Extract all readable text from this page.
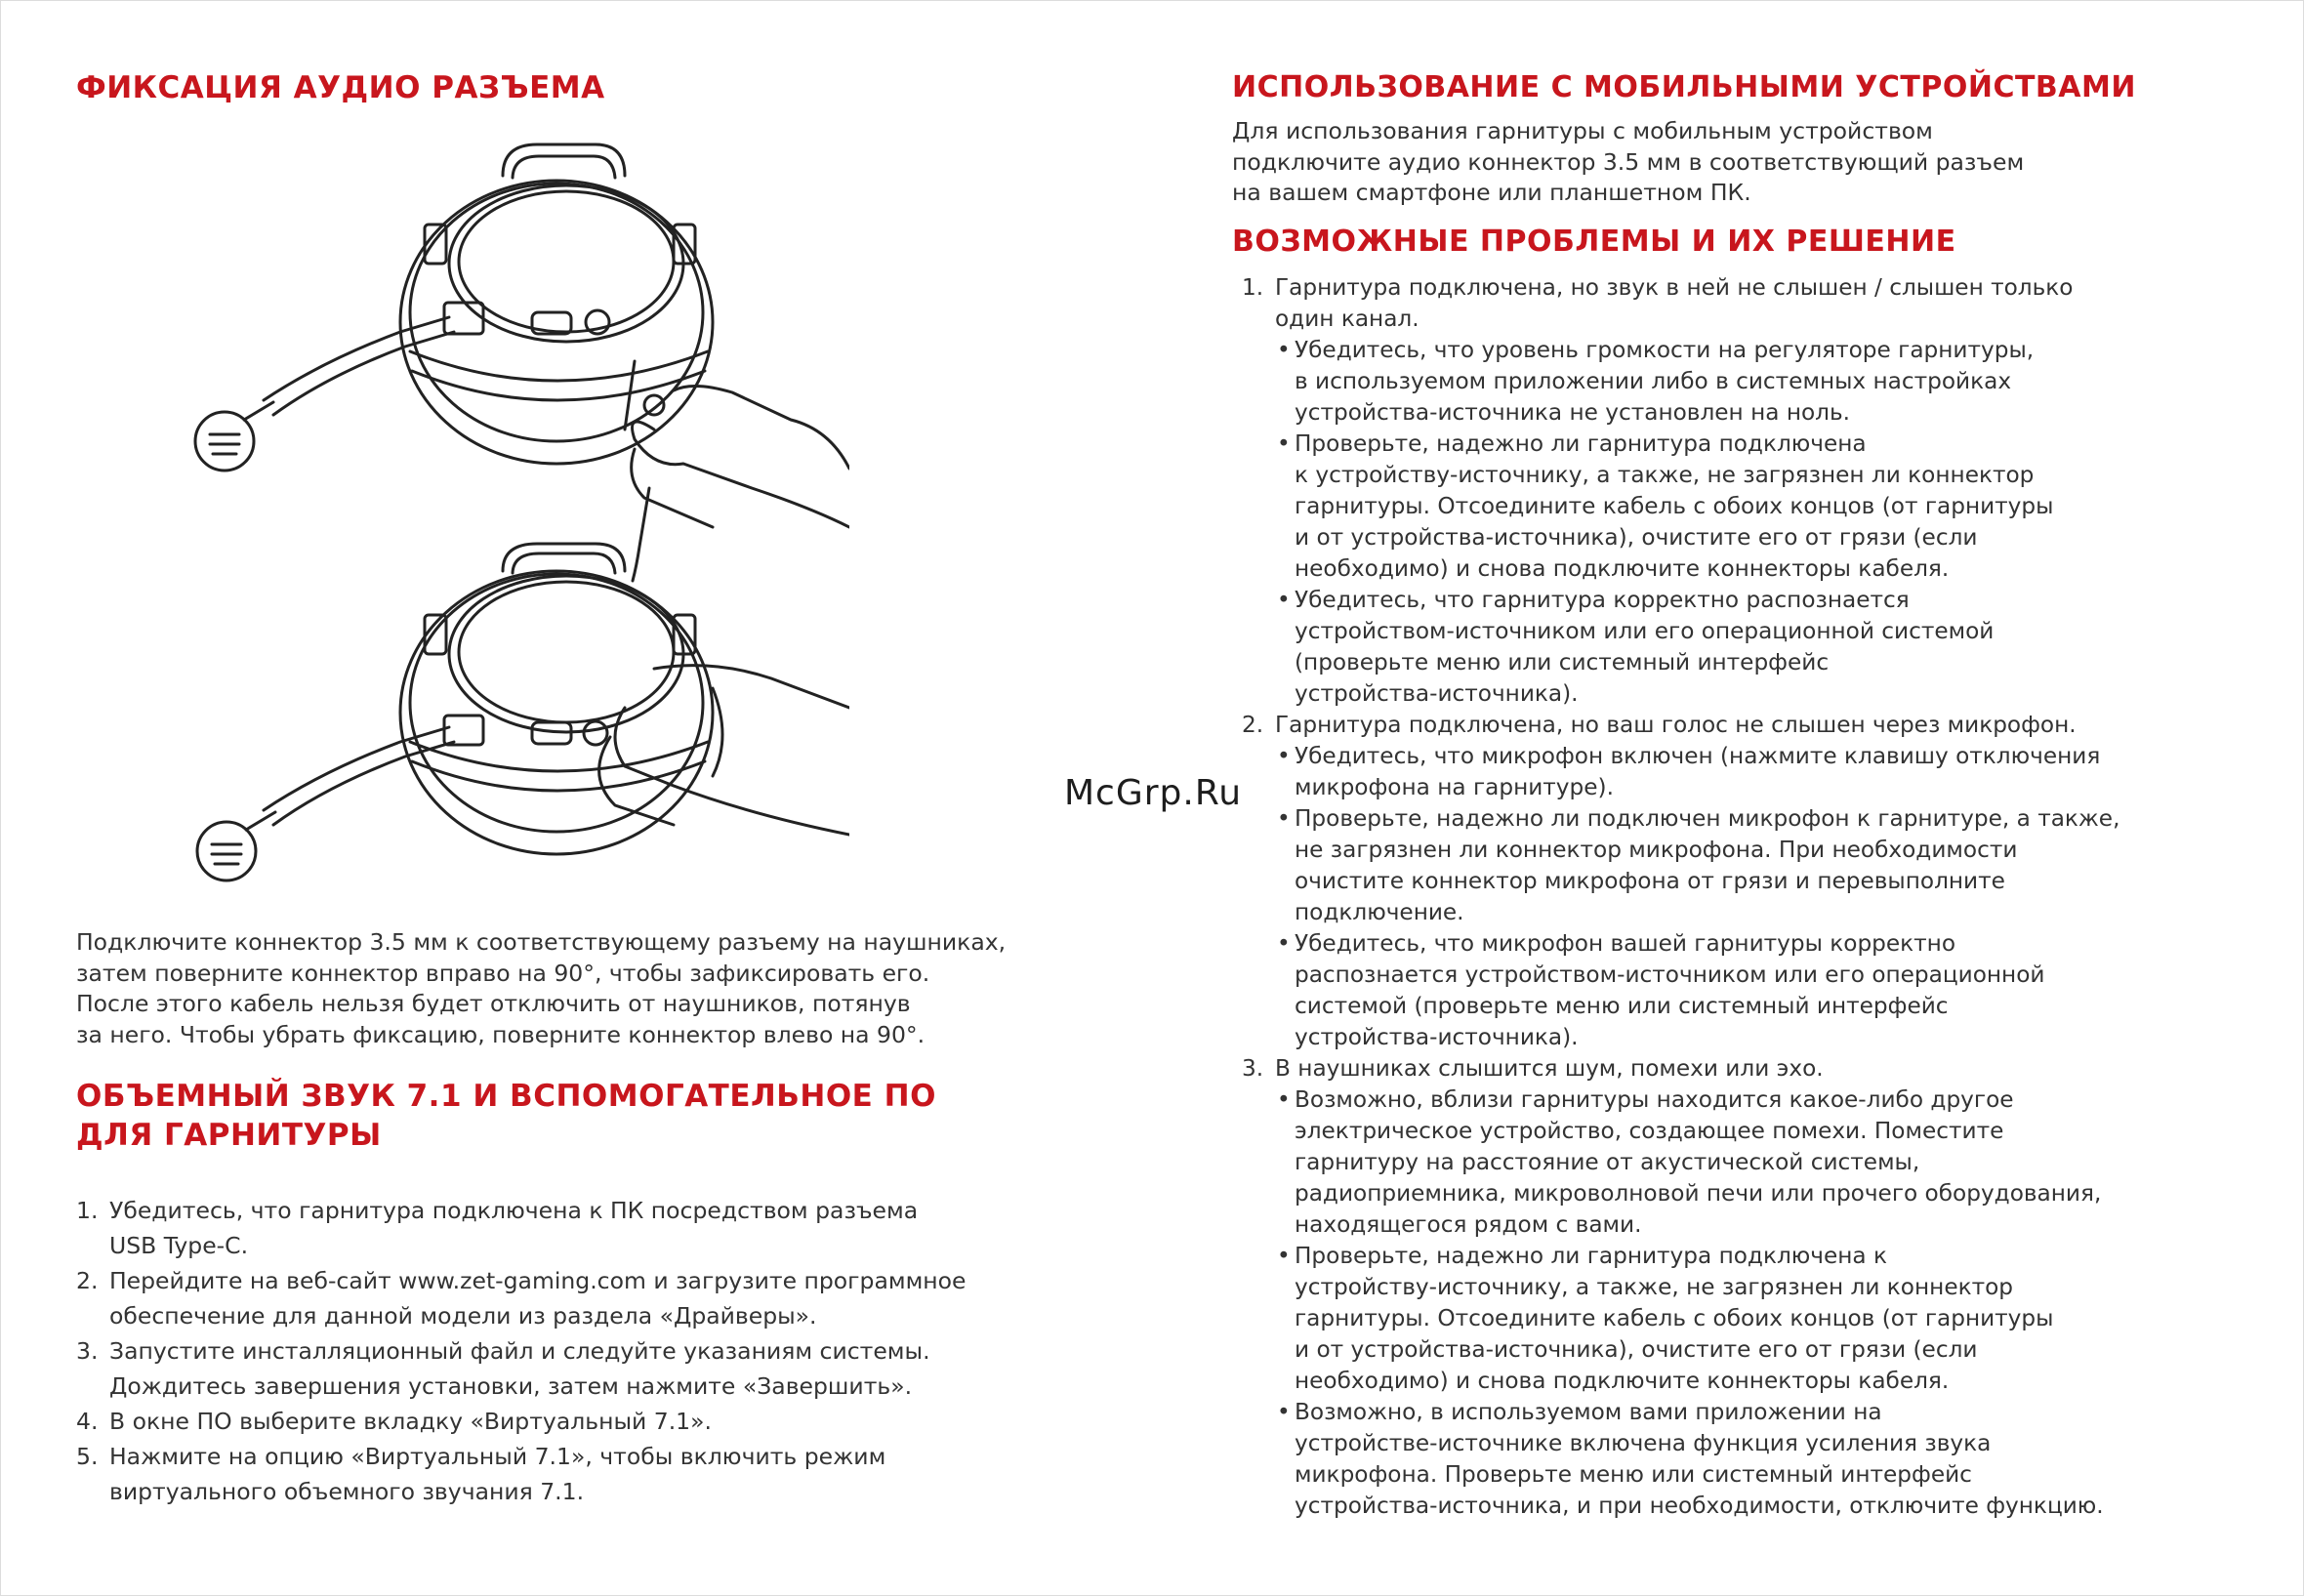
ФИКСАЦИЯ АУДИО РАЗЪЕМА

Подключите коннектор 3.5 мм к соответствующему разъему на наушниках,

затем поверните коннектор вправо на 90°, чтобы зафиксировать его.

После этого кабель нельзя будет отключить от наушников, потянув

за него. Чтобы убрать фиксацию, поверните коннектор влево на 90°.

ОБЪЕМНЫЙ ЗВУК 7.1 И ВСПОМОГАТЕЛЬНОЕ ПО
ДЛЯ ГАРНИТУРЫ
1. Убедитесь, что гарнитура подключена к ПК посредством разъема
USB Type-C.
2. Перейдите на веб-сайт www.zet-gaming.com и загрузите программное
обеспечение для данной модели из раздела «Драйверы».
3. Запустите инсталляционный файл и следуйте указаниям системы.
Дождитесь завершения установки, затем нажмите «Завершить».
4. В окне ПО выберите вкладку «Виртуальный 7.1».
5. Нажмите на опцию «Виртуальный 7.1», чтобы включить режим
виртуального объемного звучания 7.1.
ИСПОЛЬЗОВАНИЕ С МОБИЛЬНЫМИ УСТРОЙСТВАМИ

Для использования гарнитуры с мобильным устройством

подключите аудио коннектор 3.5 мм в соответствующий разъем

на вашем смартфоне или планшетном ПК.

ВОЗМОЖНЫЕ ПРОБЛЕМЫ И ИХ РЕШЕНИЕ
1. Гарнитура подключена, но звук в ней не слышен / слышен только
один канал.
• Убедитесь, что уровень громкости на регуляторе гарнитуры,
в используемом приложении либо в системных настройках
устройства-источника не установлен на ноль.
• Проверьте, надежно ли гарнитура подключена
к устройству-источнику, а также, не загрязнен ли коннектор
гарнитуры. Отсоедините кабель с обоих концов (от гарнитуры
и от устройства-источника), очистите его от грязи (если
необходимо) и снова подключите коннекторы кабеля.
• Убедитесь, что гарнитура корректно распознается
устройством-источником или его операционной системой
(проверьте меню или системный интерфейс
устройства-источника).
2. Гарнитура подключена, но ваш голос не слышен через микрофон.
• Убедитесь, что микрофон включен (нажмите клавишу отключения
микрофона на гарнитуре).
• Проверьте, надежно ли подключен микрофон к гарнитуре, а также,
не загрязнен ли коннектор микрофона. При необходимости
очистите коннектор микрофона от грязи и перевыполните
подключение.
• Убедитесь, что микрофон вашей гарнитуры корректно
распознается устройством-источником или его операционной
системой (проверьте меню или системный интерфейс
устройства-источника).
3. В наушниках слышится шум, помехи или эхо.
• Возможно, вблизи гарнитуры находится какое-либо другое
электрическое устройство, создающее помехи. Поместите
гарнитуру на расстояние от акустической системы,
радиоприемника, микроволновой печи или прочего оборудования,
находящегося рядом с вами.
• Проверьте, надежно ли гарнитура подключена к
устройству-источнику, а также, не загрязнен ли коннектор
гарнитуры. Отсоедините кабель с обоих концов (от гарнитуры
и от устройства-источника), очистите его от грязи (если
необходимо) и снова подключите коннекторы кабеля.
• Возможно, в используемом вами приложении на
устройстве-источнике включена функция усиления звука
микрофона. Проверьте меню или системный интерфейс
устройства-источника, и при необходимости, отключите функцию.
McGrp.Ru
